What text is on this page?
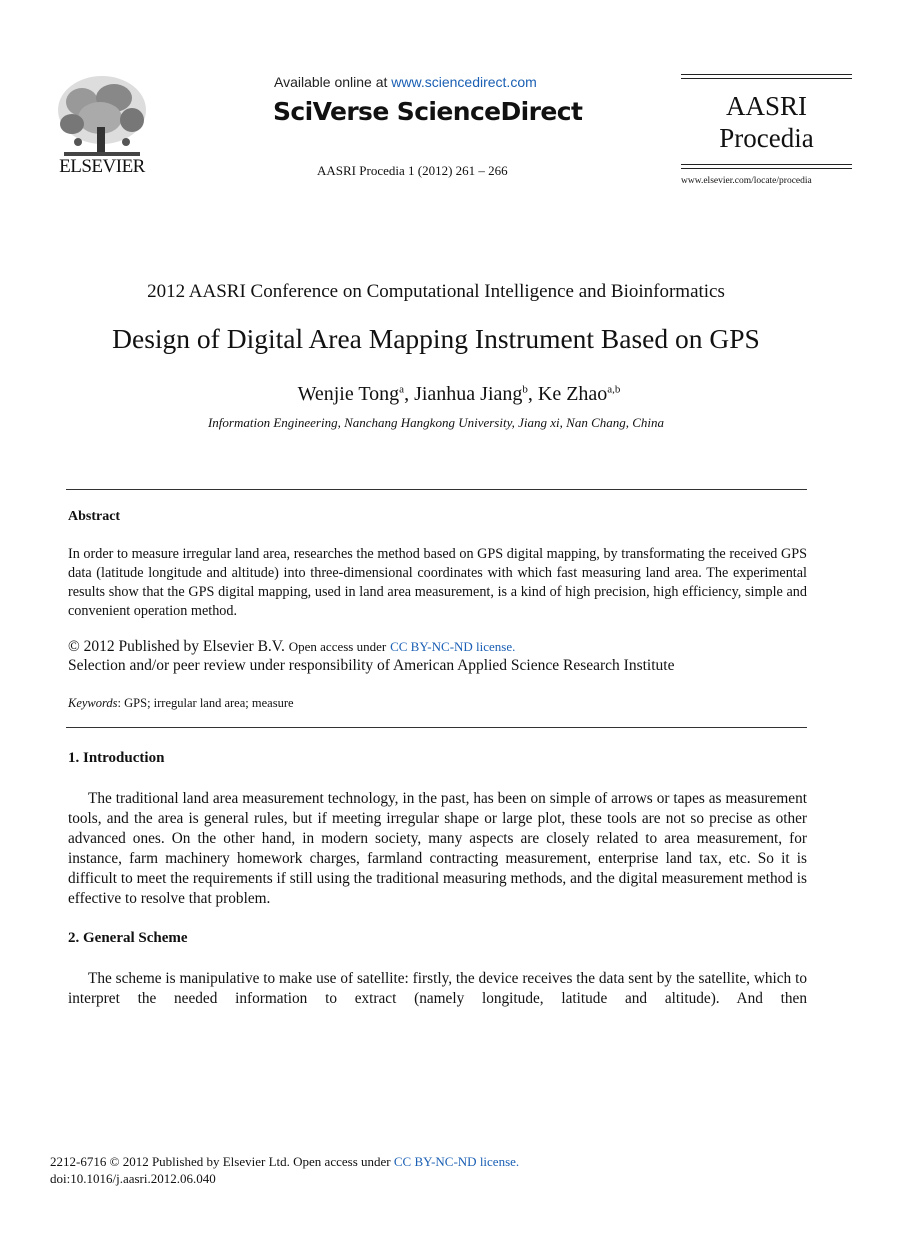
ELSEVIER
Available online at www.sciencedirect.com
SciVerse ScienceDirect
AASRI Procedia 1 (2012) 261 – 266
AASRI
Procedia
www.elsevier.com/locate/procedia
2012 AASRI Conference on Computational Intelligence and Bioinformatics
Design of Digital Area Mapping Instrument Based on GPS
Wenjie Tong$^a$, Jianhua Jiang$^b$, Ke Zhao$^{a,b}$
Information Engineering, Nanchang Hangkong University, Jiang xi, Nan Chang, China
Abstract
In order to measure irregular land area, researches the method based on GPS digital mapping, by transformating the received GPS data (latitude longitude and altitude) into three-dimensional coordinates with which fast measuring land area. The experimental results show that the GPS digital mapping, used in land area measurement, is a kind of high precision, high efficiency, simple and convenient operation method.
© 2012 Published by Elsevier B.V. Open access under CC BY-NC-ND license.
Selection and/or peer review under responsibility of American Applied Science Research Institute
Keywords: GPS; irregular land area; measure
1. Introduction
The traditional land area measurement technology, in the past, has been on simple of arrows or tapes as measurement tools, and the area is general rules, but if meeting irregular shape or large plot, these tools are not so precise as other advanced ones. On the other hand, in modern society, many aspects are closely related to area measurement, for instance, farm machinery homework charges, farmland contracting measurement, enterprise land tax, etc. So it is difficult to meet the requirements if still using the traditional measuring methods, and the digital measurement method is effective to resolve that problem.
2. General Scheme
The scheme is manipulative to make use of satellite: firstly, the device receives the data sent by the satellite, which to interpret the needed information to extract (namely longitude, latitude and altitude). And then
2212-6716 © 2012 Published by Elsevier Ltd. Open access under CC BY-NC-ND license.
doi:10.1016/j.aasri.2012.06.040
